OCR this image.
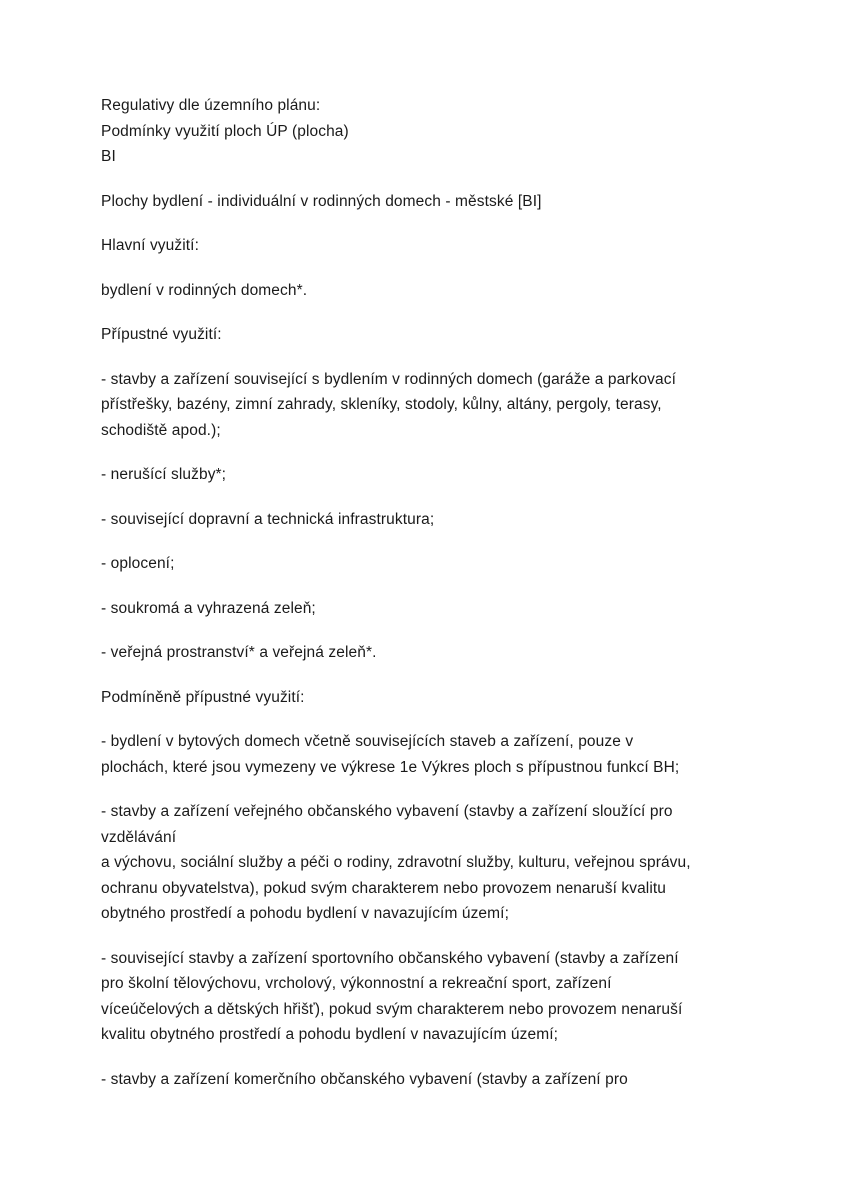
Regulativy dle územního plánu:
Podmínky využití ploch ÚP (plocha)
BI
Plochy bydlení - individuální v rodinných domech - městské [BI]
Hlavní využití:
bydlení v rodinných domech*.
Přípustné využití:
- stavby a zařízení související s bydlením v rodinných domech (garáže a parkovací
přístřešky, bazény, zimní zahrady, skleníky, stodoly, kůlny, altány, pergoly, terasy,
schodiště apod.);
- nerušící služby*;
- související dopravní a technická infrastruktura;
- oplocení;
- soukromá a vyhrazená zeleň;
- veřejná prostranství* a veřejná zeleň*.
Podmíněně přípustné využití:
- bydlení v bytových domech včetně souvisejících staveb a zařízení, pouze v
plochách, které jsou vymezeny ve výkrese 1e Výkres ploch s přípustnou funkcí BH;
- stavby a zařízení veřejného občanského vybavení (stavby a zařízení sloužící pro
vzdělávání
a výchovu, sociální služby a péči o rodiny, zdravotní služby, kulturu, veřejnou správu,
ochranu obyvatelstva), pokud svým charakterem nebo provozem nenaruší kvalitu
obytného prostředí a pohodu bydlení v navazujícím území;
- související stavby a zařízení sportovního občanského vybavení (stavby a zařízení
pro školní tělovýchovu, vrcholový, výkonnostní a rekreační sport, zařízení
víceúčelových a dětských hřišť), pokud svým charakterem nebo provozem nenaruší
kvalitu obytného prostředí a pohodu bydlení v navazujícím území;
- stavby a zařízení komerčního občanského vybavení (stavby a zařízení pro
